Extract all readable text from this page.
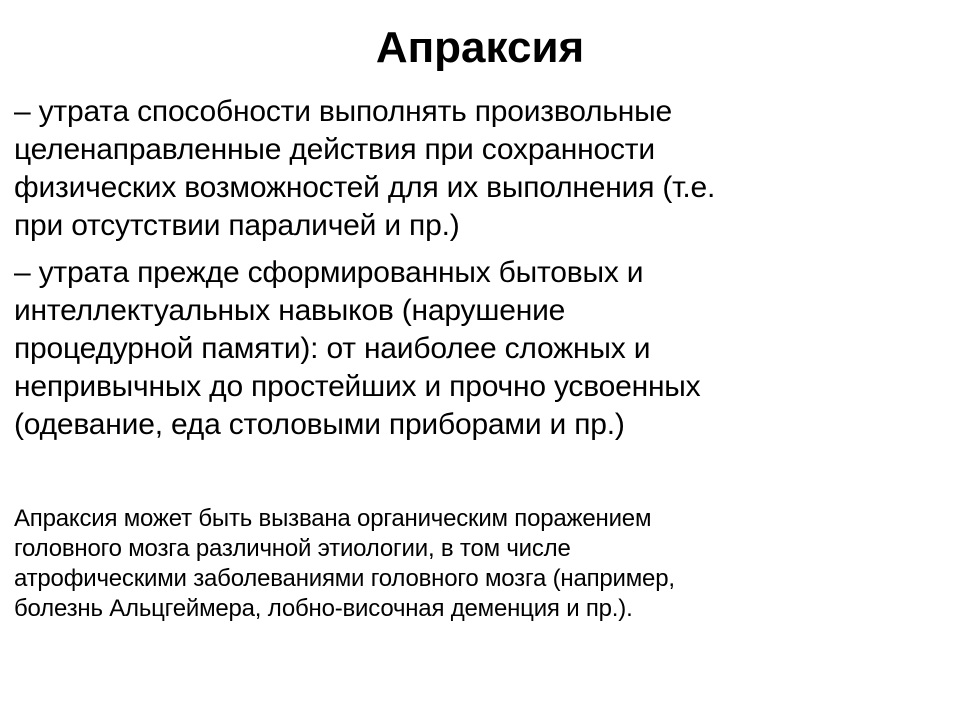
Апраксия
– утрата способности выполнять произвольные
целенаправленные действия при сохранности
физических возможностей для их выполнения (т.е.
при отсутствии параличей и пр.)
– утрата прежде сформированных бытовых и
интеллектуальных навыков (нарушение
процедурной памяти): от наиболее сложных и
непривычных до простейших и прочно усвоенных
(одевание, еда столовыми приборами и пр.)
Апраксия может быть вызвана органическим поражением
головного мозга различной этиологии, в том числе
атрофическими заболеваниями головного мозга (например,
болезнь Альцгеймера, лобно-височная деменция и пр.).
